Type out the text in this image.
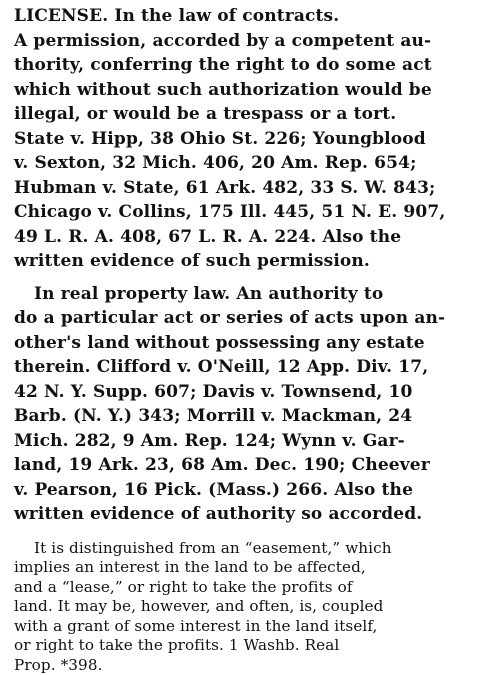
LICENSE. In the law of contracts.
A permission, accorded by a competent au-
thority, conferring the right to do some act
which without such authorization would be
illegal, or would be a trespass or a tort.
State v. Hipp, 38 Ohio St. 226; Youngblood
v. Sexton, 32 Mich. 406, 20 Am. Rep. 654;
Hubman v. State, 61 Ark. 482, 33 S. W. 843;
Chicago v. Collins, 175 Ill. 445, 51 N. E. 907,
49 L. R. A. 408, 67 L. R. A. 224. Also the
written evidence of such permission.
In real property law. An authority to
do a particular act or series of acts upon an-
other's land without possessing any estate
therein. Clifford v. O'Neill, 12 App. Div. 17,
42 N. Y. Supp. 607; Davis v. Townsend, 10
Barb. (N. Y.) 343; Morrill v. Mackman, 24
Mich. 282, 9 Am. Rep. 124; Wynn v. Gar-
land, 19 Ark. 23, 68 Am. Dec. 190; Cheever
v. Pearson, 16 Pick. (Mass.) 266. Also the
written evidence of authority so accorded.
It is distinguished from an “easement,” which
implies an interest in the land to be affected,
and a “lease,” or right to take the profits of
land. It may be, however, and often, is, coupled
with a grant of some interest in the land itself,
or right to take the profits. 1 Washb. Real
Prop. *398.
